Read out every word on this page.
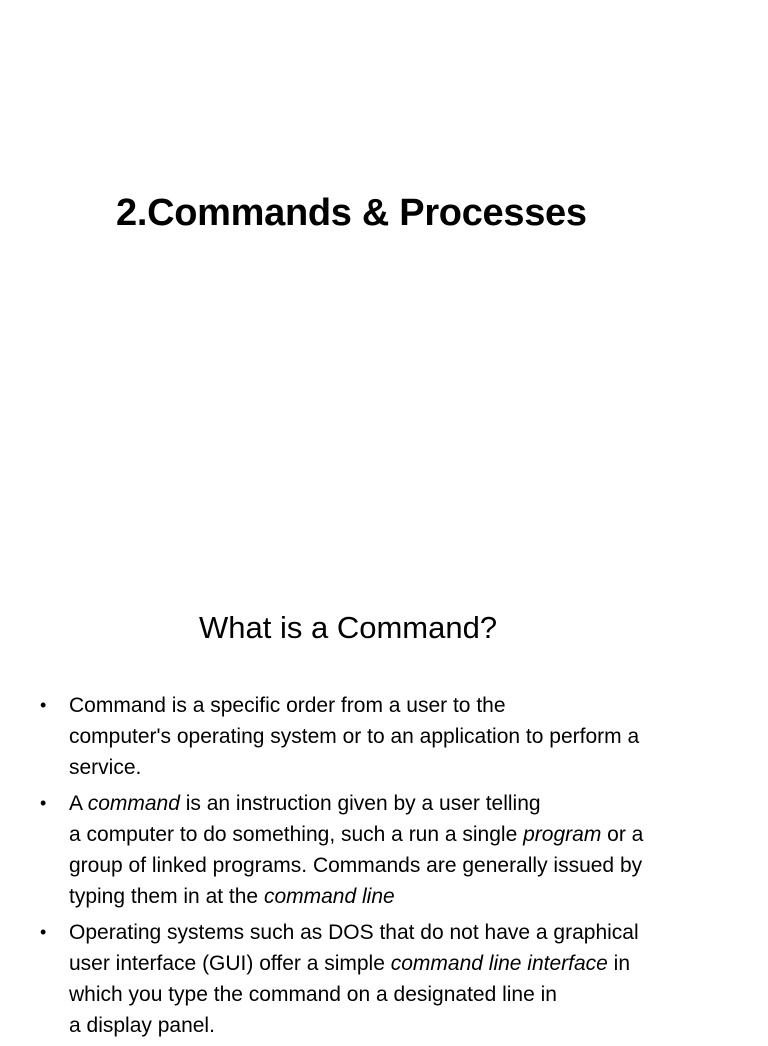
2.Commands & Processes
What is a Command?
• Command is a specific order from a user to the
computer's operating system or to an application to perform a
service.
• A command is an instruction given by a user telling
a computer to do something, such a run a single program or a
group of linked programs. Commands are generally issued by
typing them in at the command line
• Operating systems such as DOS that do not have a graphical
user interface (GUI) offer a simple command line interface in
which you type the command on a designated line in
a display panel.
